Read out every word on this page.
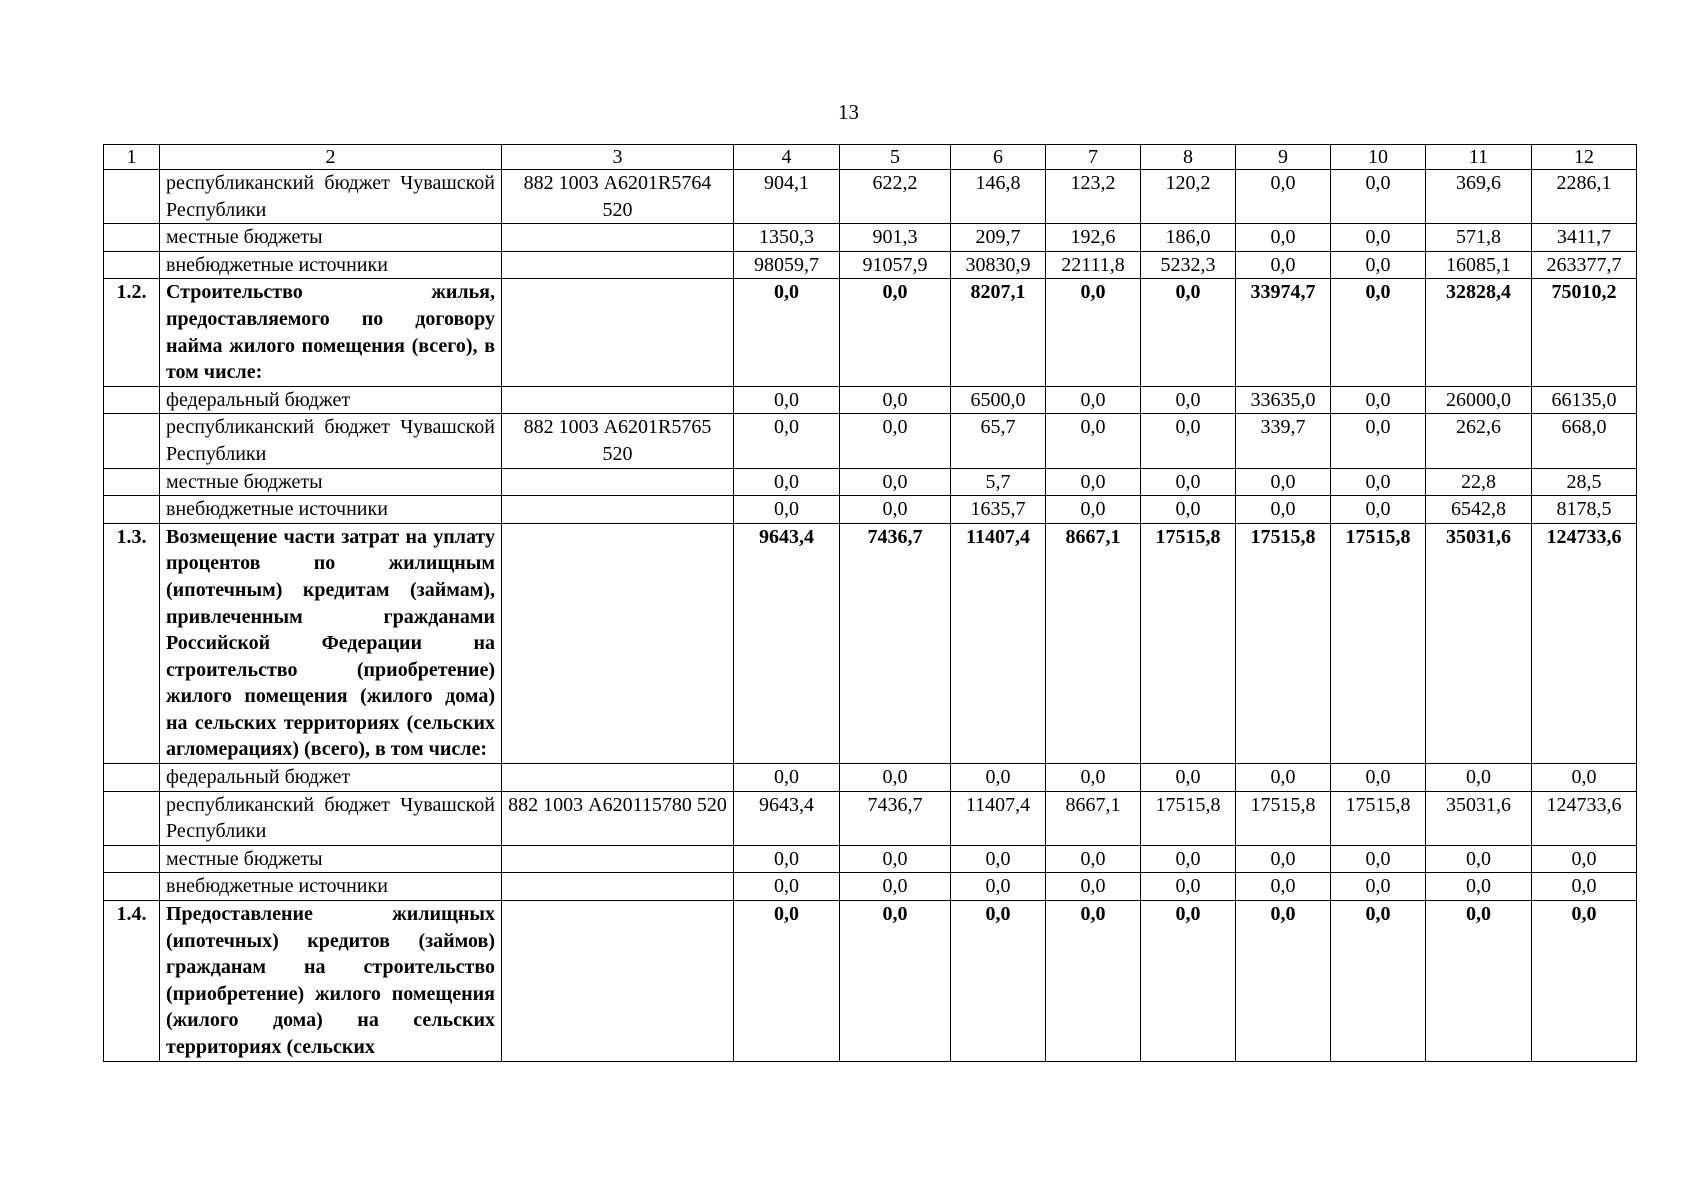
13
1	2	3	4	5	6	7	8	9	10	11	12
	республиканский бюджет Чувашской Республики	882 1003 А6201R5764 520	904,1	622,2	146,8	123,2	120,2	0,0	0,0	369,6	2286,1
	местные бюджеты		1350,3	901,3	209,7	192,6	186,0	0,0	0,0	571,8	3411,7
	внебюджетные источники		98059,7	91057,9	30830,9	22111,8	5232,3	0,0	0,0	16085,1	263377,7
1.2.	Строительство жилья, предоставляемого по договору найма жилого помещения (всего), в том числе:		0,0	0,0	8207,1	0,0	0,0	33974,7	0,0	32828,4	75010,2
	федеральный бюджет		0,0	0,0	6500,0	0,0	0,0	33635,0	0,0	26000,0	66135,0
	республиканский бюджет Чувашской Республики	882 1003 А6201R5765 520	0,0	0,0	65,7	0,0	0,0	339,7	0,0	262,6	668,0
	местные бюджеты		0,0	0,0	5,7	0,0	0,0	0,0	0,0	22,8	28,5
	внебюджетные источники		0,0	0,0	1635,7	0,0	0,0	0,0	0,0	6542,8	8178,5
1.3.	Возмещение части затрат на уплату процентов по жилищным (ипотечным) кредитам (займам), привлеченным гражданами Российской Федерации на строительство (приобретение) жилого помещения (жилого дома) на сельских территориях (сельских агломерациях) (всего), в том числе:		9643,4	7436,7	11407,4	8667,1	17515,8	17515,8	17515,8	35031,6	124733,6
	федеральный бюджет		0,0	0,0	0,0	0,0	0,0	0,0	0,0	0,0	0,0
	республиканский бюджет Чувашской Республики	882 1003 А620115780 520	9643,4	7436,7	11407,4	8667,1	17515,8	17515,8	17515,8	35031,6	124733,6
	местные бюджеты		0,0	0,0	0,0	0,0	0,0	0,0	0,0	0,0	0,0
	внебюджетные источники		0,0	0,0	0,0	0,0	0,0	0,0	0,0	0,0	0,0
1.4.	Предоставление жилищных (ипотечных) кредитов (займов) гражданам на строительство (приобретение) жилого помещения (жилого дома) на сельских территориях (сельских		0,0	0,0	0,0	0,0	0,0	0,0	0,0	0,0	0,0
